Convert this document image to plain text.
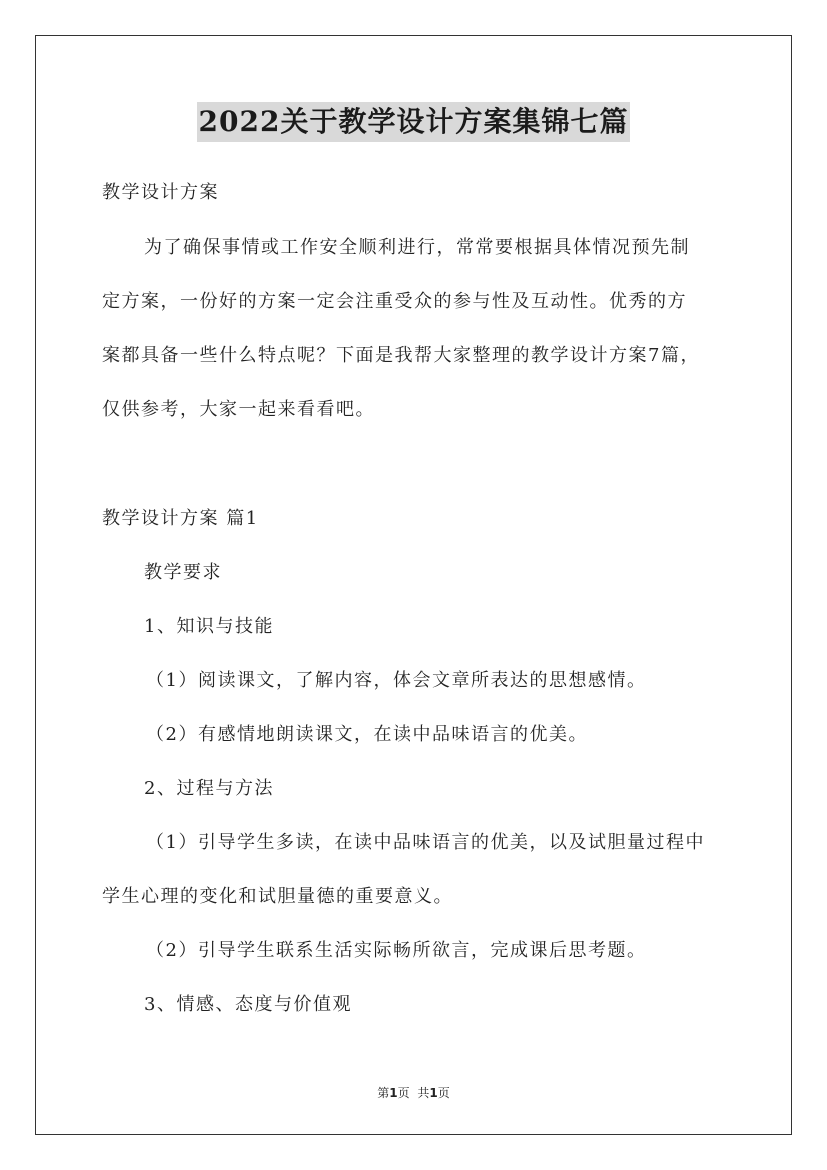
2022关于教学设计方案集锦七篇
教学设计方案
为了确保事情或工作安全顺利进行，常常要根据具体情况预先制
定方案，一份好的方案一定会注重受众的参与性及互动性。优秀的方
案都具备一些什么特点呢？下面是我帮大家整理的教学设计方案7篇，
仅供参考，大家一起来看看吧。
教学设计方案 篇1
教学要求
1、知识与技能
（1）阅读课文，了解内容，体会文章所表达的思想感情。
（2）有感情地朗读课文，在读中品味语言的优美。
2、过程与方法
（1）引导学生多读，在读中品味语言的优美，以及试胆量过程中
学生心理的变化和试胆量德的重要意义。
（2）引导学生联系生活实际畅所欲言，完成课后思考题。
3、情感、态度与价值观
第1页 共1页
